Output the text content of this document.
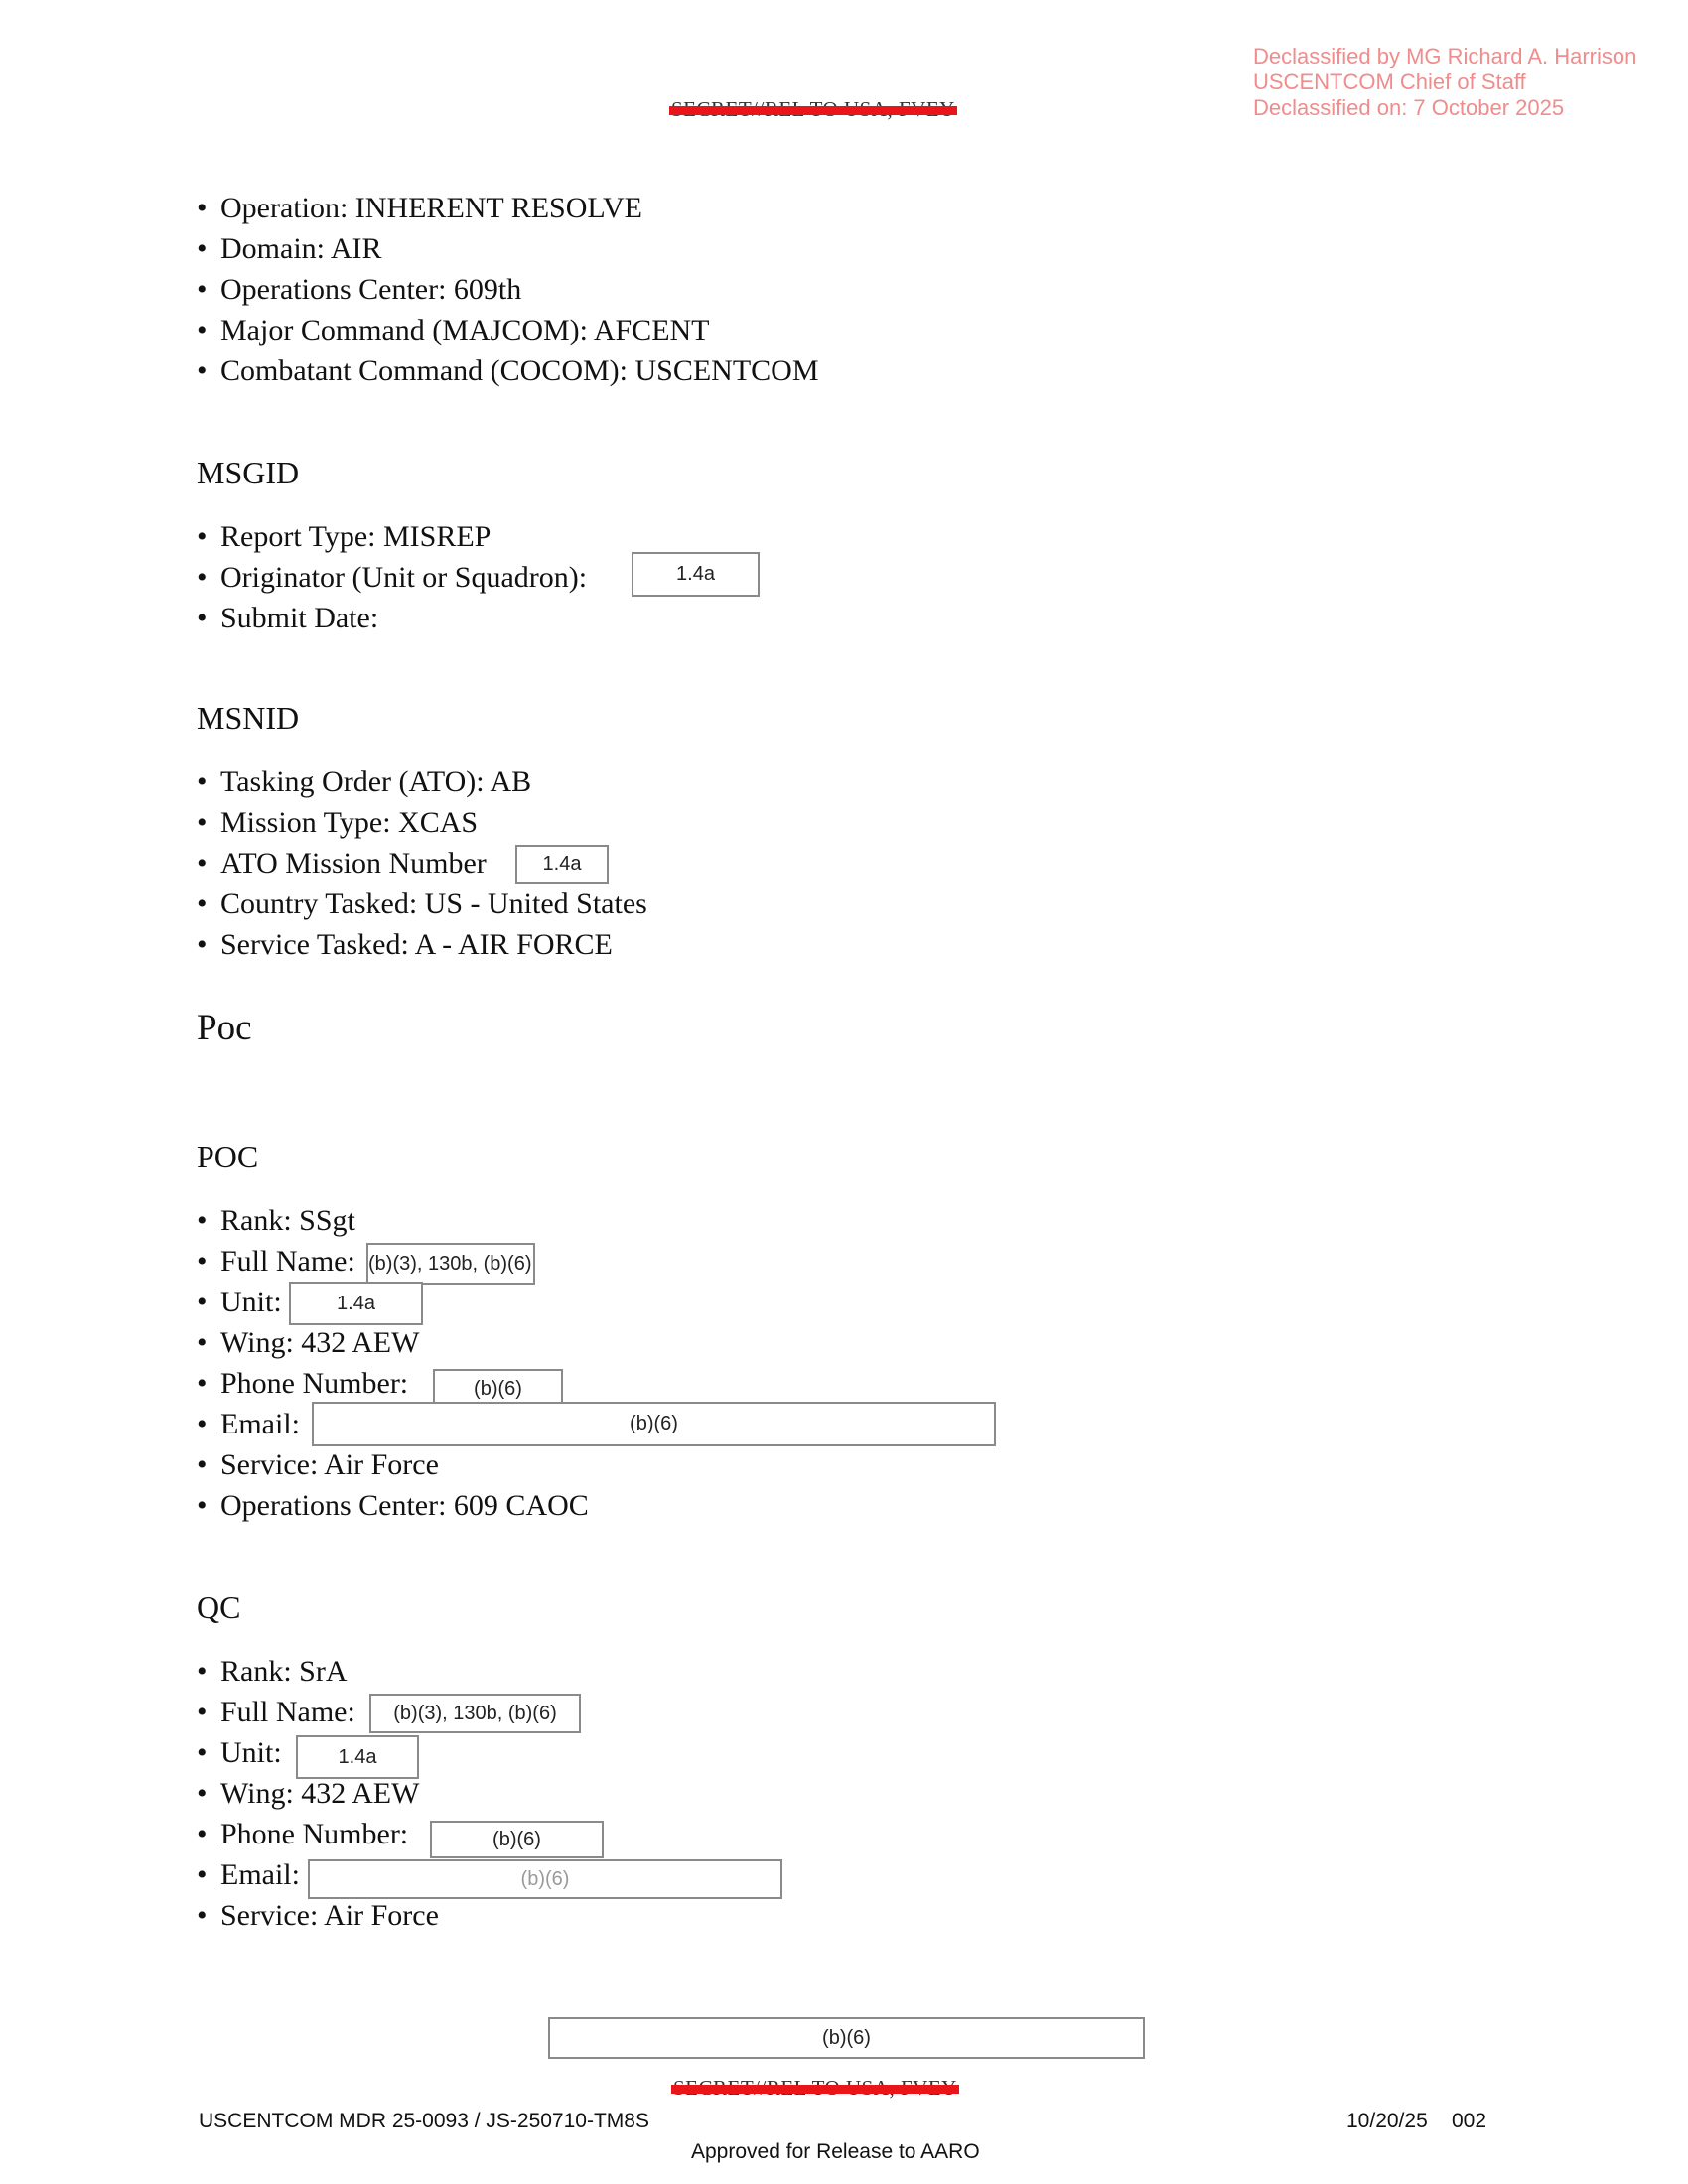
Declassified by MG Richard A. Harrison
USCENTCOM Chief of Staff
Declassified on: 7 October 2025
• Operation: INHERENT RESOLVE
• Domain: AIR
• Operations Center: 609th
• Major Command (MAJCOM): AFCENT
• Combatant Command (COCOM): USCENTCOM
MSGID
• Report Type: MISREP
• Originator (Unit or Squadron):	1.4a
• Submit Date:
MSNID
• Tasking Order (ATO): AB
• Mission Type: XCAS
• ATO Mission Number	1.4a
• Country Tasked: US - United States
• Service Tasked: A - AIR FORCE
Poc
POC
• Rank: SSgt
• Full Name: (b)(3), 130b, (b)(6)
• Unit:	1.4a
• Wing: 432 AEW
• Phone Number:	(b)(6)
• Email:	(b)(6)
• Service: Air Force
• Operations Center: 609 CAOC
QC
• Rank: SrA
• Full Name:	(b)(3), 130b, (b)(6)
• Unit:	1.4a
• Wing: 432 AEW
• Phone Number:	(b)(6)
• Email:	(b)(6)
• Service: Air Force
(b)(6)
USCENTCOM MDR 25-0093 / JS-250710-TM8S	10/20/25 002
Approved for Release to AARO
